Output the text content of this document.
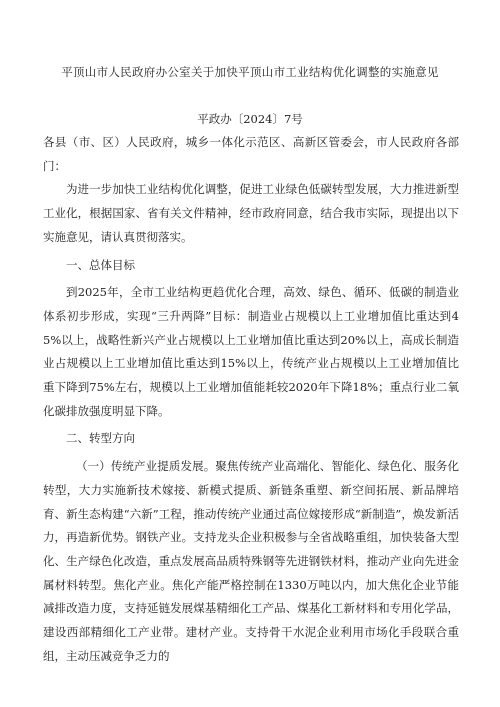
平顶山市人民政府办公室关于加快平顶山市工业结构优化调整的实施意见
平政办〔2024〕7号

各县（市、区）人民政府，城乡一体化示范区、高新区管委会，市人民政府各部门：

为进一步加快工业结构优化调整，促进工业绿色低碳转型发展，大力推进新型工业化，根据国家、省有关文件精神，经市政府同意，结合我市实际，现提出以下实施意见，请认真贯彻落实。

一、总体目标

到2025年，全市工业结构更趋优化合理，高效、绿色、循环、低碳的制造业体系初步形成，实现“三升两降”目标：制造业占规模以上工业增加值比重达到45%以上，战略性新兴产业占规模以上工业增加值比重达到20%以上，高成长制造业占规模以上工业增加值比重达到15%以上，传统产业占规模以上工业增加值比重下降到75%左右，规模以上工业增加值能耗较2020年下降18%；重点行业二氧化碳排放强度明显下降。

二、转型方向

（一）传统产业提质发展。聚焦传统产业高端化、智能化、绿色化、服务化转型，大力实施新技术嫁接、新模式提质、新链条重塑、新空间拓展、新品牌培育、新生态构建“六新”工程，推动传统产业通过高位嫁接形成“新制造”，焕发新活力，再造新优势。钢铁产业。支持龙头企业积极参与全省战略重组，加快装备大型化、生产绿色化改造，重点发展高品质特殊钢等先进钢铁材料，推动产业向先进金属材料转型。焦化产业。焦化产能严格控制在1330万吨以内，加大焦化企业节能减排改造力度，支持延链发展煤基精细化工产品、煤基化工新材料和专用化学品，建设西部精细化工产业带。建材产业。支持骨干水泥企业利用市场化手段联合重组，主动压减竞争乏力的
